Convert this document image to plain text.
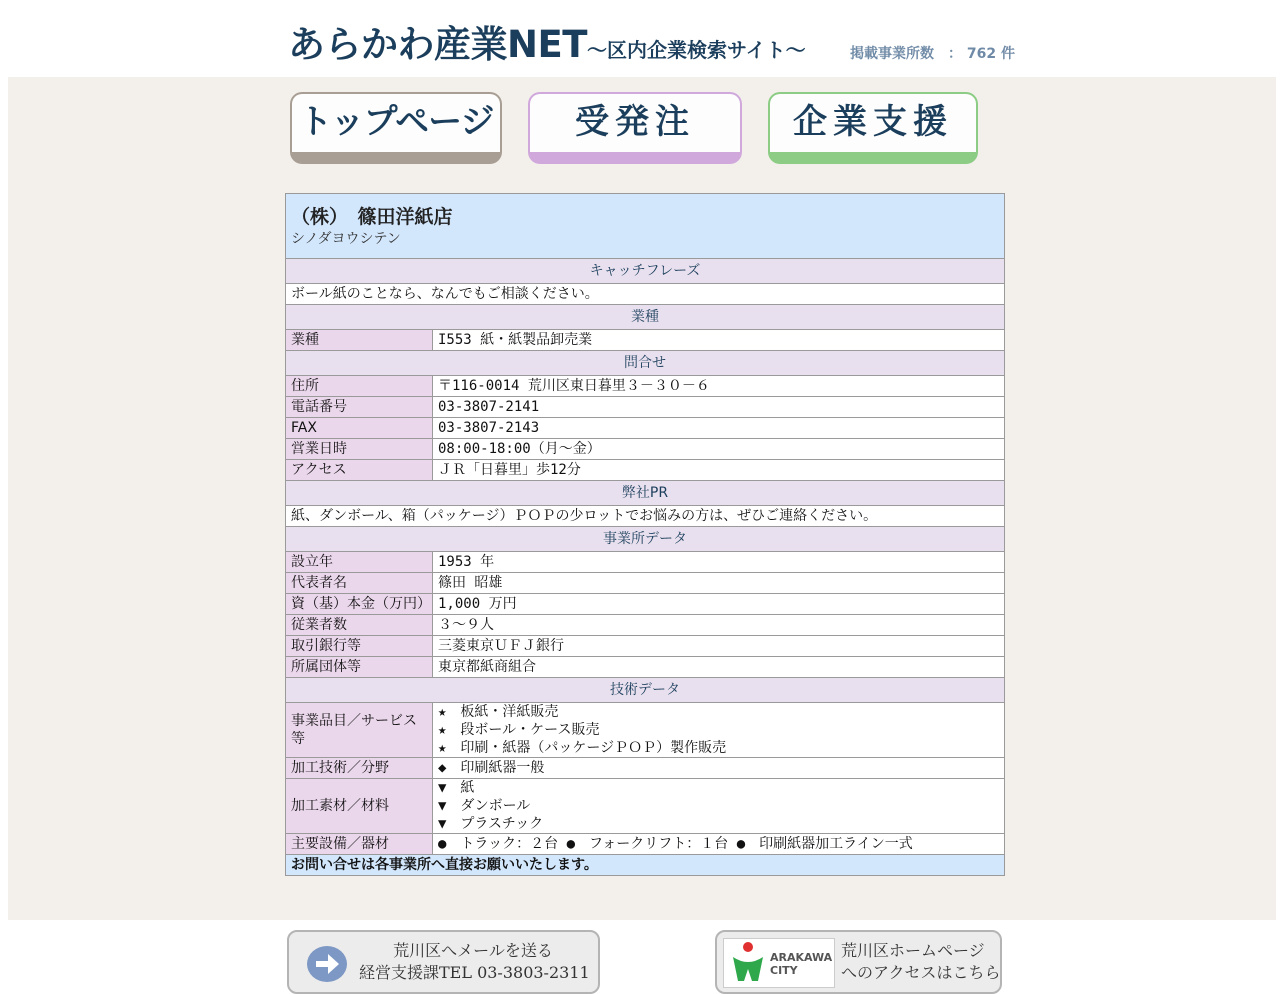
あらかわ産業NET～区内企業検索サイト～	掲載事業所数　： 762 件
トップページ	受発注	企業支援
（株）　篠田洋紙店
シノダヨウシテン	

キャッチフレーズ	
ボール紙のことなら、なんでもご相談ください。	
業種	
業種	I553 紙・紙製品卸売業
問合せ	
住所	〒116-0014 荒川区東日暮里３－３０－６
電話番号	03-3807-2141
FAX	03-3807-2143
営業日時	08:00-18:00（月～金）
アクセス	ＪＲ「日暮里」歩12分
弊社PR	
紙、ダンボール、箱（パッケージ）ＰＯＰの少ロットでお悩みの方は、ぜひご連絡ください。	
事業所データ	
設立年	1953 年
代表者名	篠田 昭雄
資（基）本金（万円）	1,000 万円
従業者数	３～９人
取引銀行等	三菱東京ＵＦＪ銀行
所属団体等	東京都紙商組合
技術データ	
事業品目／サービス等	★　板紙・洋紙販売
★　段ボール・ケース販売
★　印刷・紙器（パッケージＰＯＰ）製作販売

加工技術／分野	◆　印刷紙器一般
加工素材／材料	▼　紙
▼　ダンボール
▼　プラスチック

主要設備／器材	●　トラック：２台 ●　フォークリフト：１台 ●　印刷紙器加工ライン一式
お問い合せは各事業所へ直接お願いいたします。	
荒川区へメールを送る
経営支援課TEL 03-3803-2311
ARAKAWA
CITY
荒川区ホームページ
へのアクセスはこちら
